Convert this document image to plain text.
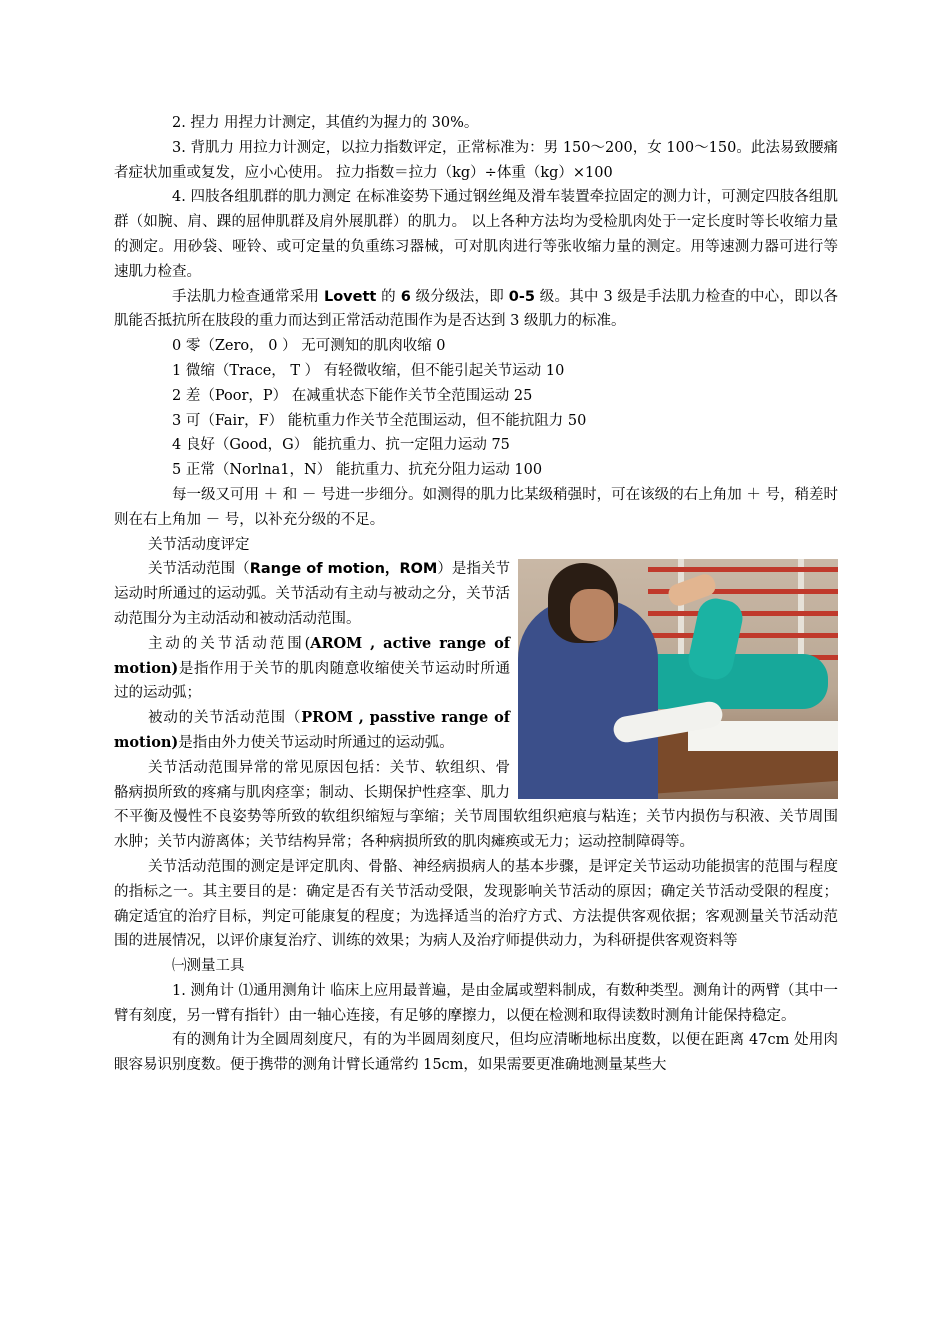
2. 捏力 用捏力计测定，其值约为握力的 30%。

3. 背肌力 用拉力计测定，以拉力指数评定，正常标准为：男 150～200，女 100～150。此法易致腰痛者症状加重或复发，应小心使用。 拉力指数＝拉力（kg）÷体重（kg）×100

4. 四肢各组肌群的肌力测定 在标准姿势下通过钢丝绳及滑车装置牵拉固定的测力计，可测定四肢各组肌群（如腕、肩、踝的屈伸肌群及肩外展肌群）的肌力。 以上各种方法均为受检肌肉处于一定长度时等长收缩力量的测定。用砂袋、哑铃、或可定量的负重练习器械，可对肌肉进行等张收缩力量的测定。用等速测力器可进行等速肌力检查。

手法肌力检查通常采用 Lovett 的 6 级分级法，即 0-5 级。其中 3 级是手法肌力检查的中心，即以各肌能否抵抗所在肢段的重力而达到正常活动范围作为是否达到 3 级肌力的标准。

0 零（Zero， 0 ） 无可测知的肌肉收缩 0

1 微缩（Trace， T ） 有轻微收缩，但不能引起关节运动 10

2 差（Poor，P） 在减重状态下能作关节全范围运动 25

3 可（Fair，F） 能杭重力作关节全范围运动，但不能抗阻力 50

4 良好（Good，G） 能抗重力、抗一定阻力运动 75

5 正常（Norlna1，N） 能抗重力、抗充分阻力运动 100

每一级又可用 ＋ 和 － 号进一步细分。如测得的肌力比某级稍强时，可在该级的右上角加 ＋ 号，稍差时则在右上角加 － 号，以补充分级的不足。

关节活动度评定

关节活动范围（Range of motion，ROM）是指关节运动时所通过的运动弧。关节活动有主动与被动之分，关节活动范围分为主动活动和被动活动范围。

主动的关节活动范围(AROM , active range of motion)是指作用于关节的肌肉随意收缩使关节运动时所通过的运动弧；

被动的关节活动范围（PROM , passtive range of motion)是指由外力使关节运动时所通过的运动弧。

关节活动范围异常的常见原因包括：关节、软组织、骨骼病损所致的疼痛与肌肉痉挛；制动、长期保护性痉挛、肌力不平衡及慢性不良姿势等所致的软组织缩短与挛缩；关节周围软组织疤痕与粘连；关节内损伤与积液、关节周围水肿；关节内游离体；关节结构异常；各种病损所致的肌肉瘫痪或无力；运动控制障碍等。

关节活动范围的测定是评定肌肉、骨骼、神经病损病人的基本步骤，是评定关节运动功能损害的范围与程度的指标之一。其主要目的是：确定是否有关节活动受限，发现影响关节活动的原因；确定关节活动受限的程度；确定适宜的治疗目标，判定可能康复的程度；为选择适当的治疗方式、方法提供客观依据；客观测量关节活动范围的进展情况，以评价康复治疗、训练的效果；为病人及治疗师提供动力，为科研提供客观资料等

㈠测量工具

1. 测角计 ⑴通用测角计 临床上应用最普遍，是由金属或塑料制成，有数种类型。测角计的两臂（其中一臂有刻度，另一臂有指针）由一轴心连接，有足够的摩擦力，以便在检测和取得读数时测角计能保持稳定。

有的测角计为全圆周刻度尺，有的为半圆周刻度尺，但均应清晰地标出度数，以便在距离 47cm 处用肉眼容易识别度数。便于携带的测角计臂长通常约 15cm，如果需要更准确地测量某些大
